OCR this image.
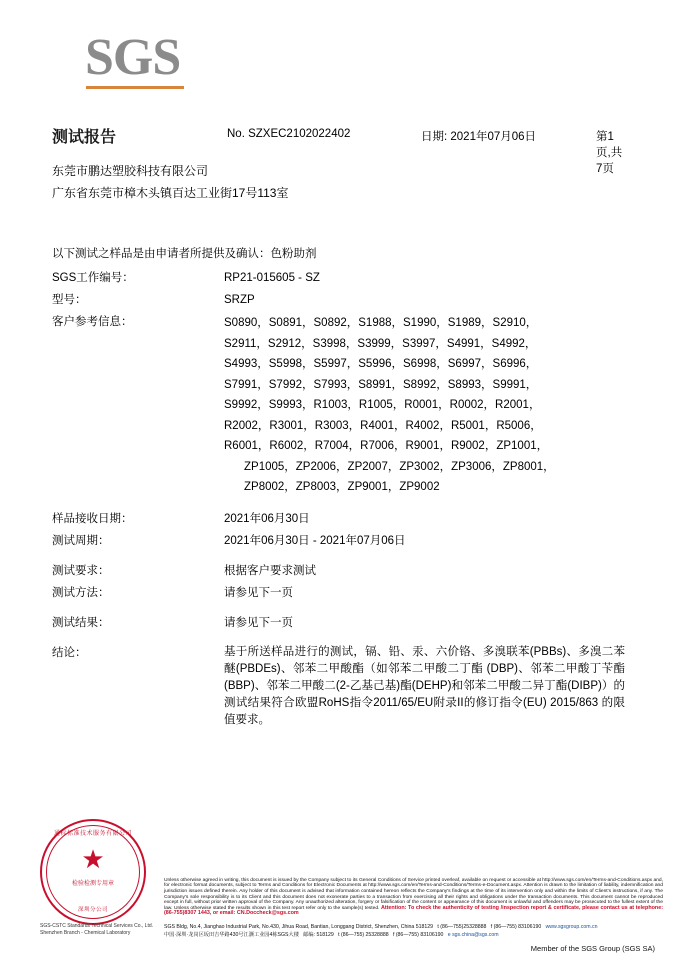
SGS
测试报告	No. SZXEC2102022402	日期: 2021年07月06日	第1页,共7页
东莞市鹏达塑胶科技有限公司
广东省东莞市樟木头镇百达工业街17号113室
以下测试之样品是由申请者所提供及确认：色粉助剂
SGS工作编号：	RP21-015605 - SZ
型号：	SRZP
客户参考信息：	S0890，S0891，S0892，S1988，S1990，S1989，S2910，
S2911，S2912，S3998，S3999，S3997，S4991，S4992，
S4993，S5998，S5997，S5996，S6998，S6997，S6996，
S7991，S7992，S7993，S8991，S8992，S8993，S9991，
S9992，S9993，R1003，R1005，R0001，R0002，R2001，
R2002，R3001，R3003，R4001，R4002，R5001，R5006，
R6001，R6002，R7004，R7006，R9001，R9002，ZP1001，
ZP1005，ZP2006，ZP2007，ZP3002，ZP3006，ZP8001，
ZP8002，ZP8003，ZP9001，ZP9002
样品接收日期：	2021年06月30日
测试周期：	2021年06月30日 - 2021年07月06日
测试要求：	根据客户要求测试
测试方法：	请参见下一页
测试结果：	请参见下一页
结论：	基于所送样品进行的测试，镉、铅、汞、六价铬、多溴联苯(PBBs)、多溴二苯醚(PBDEs)、邻苯二甲酸酯（如邻苯二甲酸二丁酯 (DBP)、邻苯二甲酸丁苄酯(BBP)、邻苯二甲酸二(2-乙基己基)酯(DEHP)和邻苯二甲酸二异丁酯(DIBP)）的测试结果符合欧盟RoHS指令2011/65/EU附录II的修订指令(EU) 2015/863 的限值要求。
通标标准技术服务有限公司
★
检验检测专用章
深圳分公司
SGS-CSTC Standards Technical Services Co., Ltd. Shenzhen Branch - Chemical Laboratory
Unless otherwise agreed in writing, this document is issued by the Company subject to its General Conditions of Service printed overleaf, available on request or accessible at http://www.sgs.com/en/Terms-and-Conditions.aspx and, for electronic format documents, subject to Terms and Conditions for Electronic Documents at http://www.sgs.com/en/Terms-and-Conditions/Terms-e-Document.aspx. Attention is drawn to the limitation of liability, indemnification and jurisdiction issues defined therein. Any holder of this document is advised that information contained hereon reflects the Company's findings at the time of its intervention only and within the limits of Client's instructions, if any. The Company's sole responsibility is to its Client and this document does not exonerate parties to a transaction from exercising all their rights and obligations under the transaction documents. This document cannot be reproduced except in full, without prior written approval of the Company. Any unauthorized alteration, forgery or falsification of the content or appearance of this document is unlawful and offenders may be prosecuted to the fullest extent of the law. Unless otherwise stated the results shown in this test report refer only to the sample(s) tested. Attention: To check the authenticity of testing /inspection report & certificate, please contact us at telephone: (86-755)8307 1443, or email: CN.Doccheck@sgs.com
SGS Bldg, No.4, Jianghao Industrial Park, No.430, Jihua Road, Bantian, Longgang District, Shenzhen, China 518129 t (86—755)25328888 f (86—755) 83106190 www.sgsgroup.com.cn
中国·深圳·龙岗区坂田吉华路430号江灏工业园4栋SGS大楼 邮编: 518129 t (86—755) 25328888 f (86—755) 83106190 e sgs.china@sgs.com
Member of the SGS Group (SGS SA)
